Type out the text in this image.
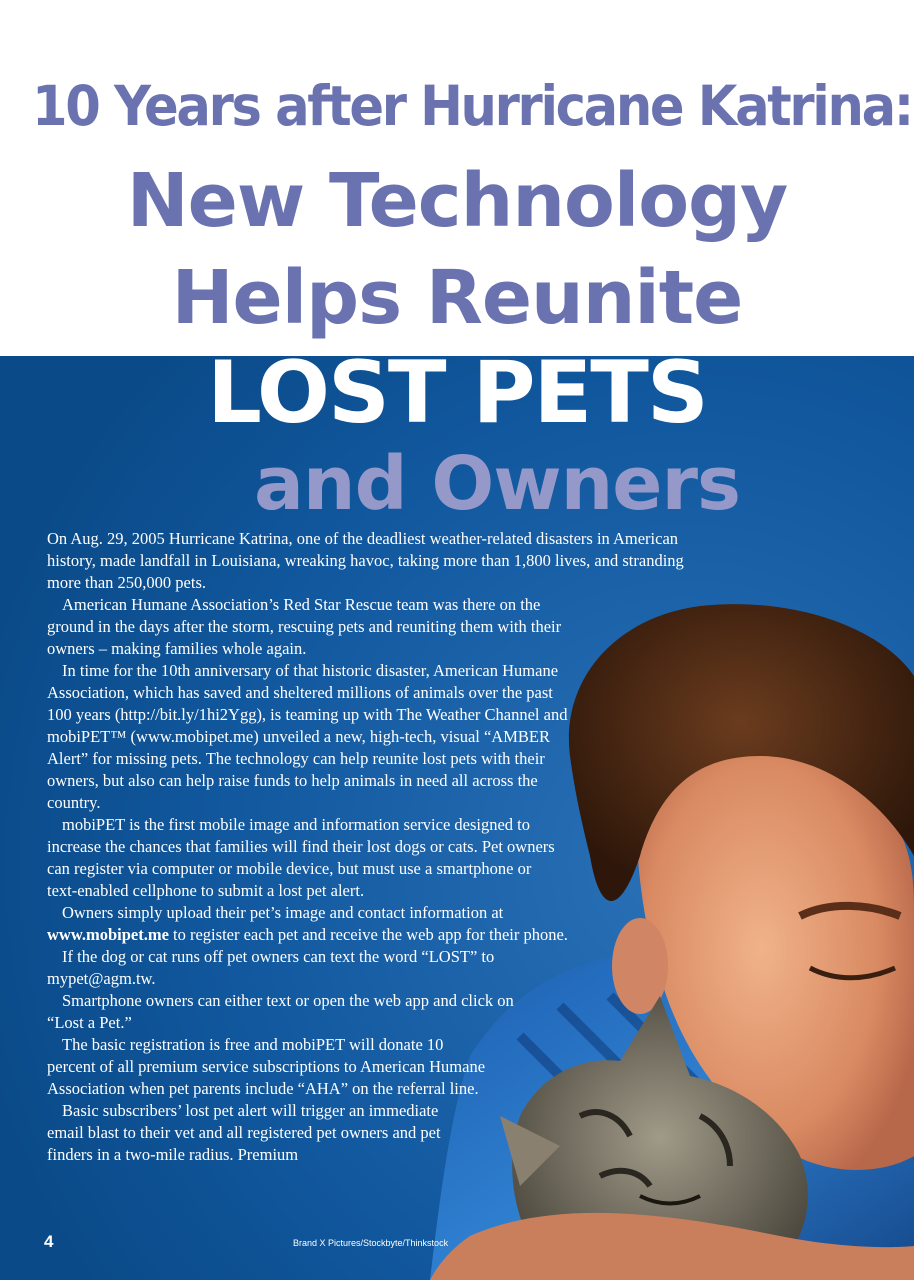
10 Years after Hurricane Katrina:
New Technology
Helps Reunite
LOST PETS
and Owners

On Aug. 29, 2005 Hurricane Katrina, one of the deadliest weather-related disasters in American history, made landfall in Louisiana, wreaking havoc, taking more than 1,800 lives, and stranding more than 250,000 pets.

American Humane Association’s Red Star Rescue team was there on the ground in the days after the storm, rescuing pets and reuniting them with their owners – making families whole again.

In time for the 10th anniversary of that historic disaster, American Humane Association, which has saved and sheltered millions of animals over the past 100 years (http://bit.ly/1hi2Ygg), is teaming up with The Weather Channel and mobiPET™ (www.mobipet.me) unveiled a new, high-tech, visual “AMBER Alert” for missing pets. The technology can help reunite lost pets with their owners, but also can help raise funds to help animals in need all across the country.

mobiPET is the first mobile image and information service designed to increase the chances that families will find their lost dogs or cats. Pet owners can register via computer or mobile device, but must use a smartphone or text-enabled cellphone to submit a lost pet alert.

Owners simply upload their pet’s image and contact information at
www.mobipet.me to register each pet and receive the web app for their phone.

If the dog or cat runs off pet owners can text the word “LOST” to mypet@agm.tw.

Smartphone owners can either text or open the web app and click on “Lost a Pet.”

The basic registration is free and mobiPET will donate 10 percent of all premium service subscriptions to American Humane Association when pet parents include “AHA” on the referral line.

Basic subscribers’ lost pet alert will trigger an immediate email blast to their vet and all registered pet owners and pet finders in a two-mile radius. Premium

4	Brand X Pictures/Stockbyte/Thinkstock
